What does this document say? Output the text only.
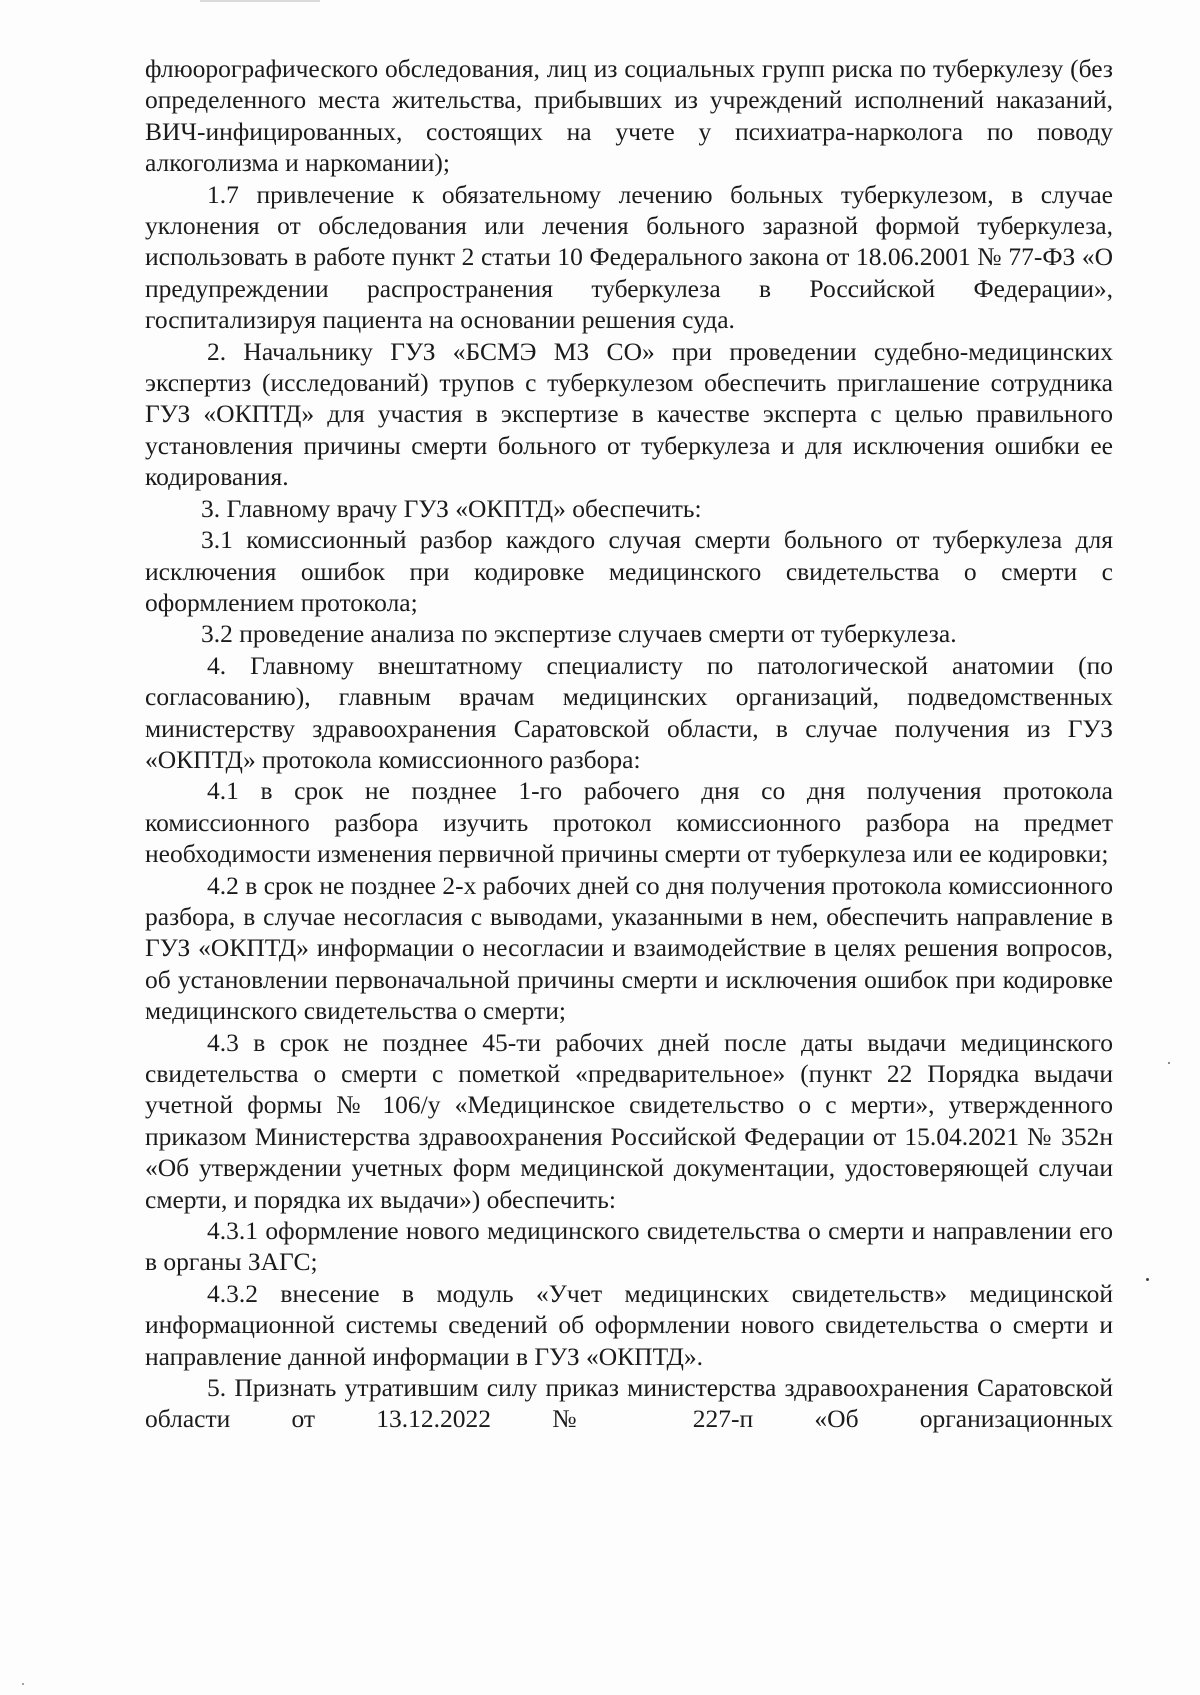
флюорографического обследования, лиц из социальных групп риска по туберкулезу (без определенного места жительства, прибывших из учреждений исполнений наказаний, ВИЧ-инфицированных, состоящих на учете у психиатра-нарколога по поводу алкоголизма и наркомании);

1.7 привлечение к обязательному лечению больных туберкулезом, в случае уклонения от обследования или лечения больного заразной формой туберкулеза, использовать в работе пункт 2 статьи 10 Федерального закона от 18.06.2001 № 77-ФЗ «О предупреждении распространения туберкулеза в Российской Федерации», госпитализируя пациента на основании решения суда.

2. Начальнику ГУЗ «БСМЭ МЗ СО» при проведении судебно-медицинских экспертиз (исследований) трупов с туберкулезом обеспечить приглашение сотрудника ГУЗ «ОКПТД» для участия в экспертизе в качестве эксперта с целью правильного установления причины смерти больного от туберкулеза и для исключения ошибки ее кодирования.

3. Главному врачу ГУЗ «ОКПТД» обеспечить:

3.1 комиссионный разбор каждого случая смерти больного от туберкулеза для исключения ошибок при кодировке медицинского свидетельства о смерти с оформлением протокола;

3.2 проведение анализа по экспертизе случаев смерти от туберкулеза.

4. Главному внештатному специалисту по патологической анатомии (по согласованию), главным врачам медицинских организаций, подведомственных министерству здравоохранения Саратовской области, в случае получения из ГУЗ «ОКПТД» протокола комиссионного разбора:

4.1 в срок не позднее 1-го рабочего дня со дня получения протокола комиссионного разбора изучить протокол комиссионного разбора на предмет необходимости изменения первичной причины смерти от туберкулеза или ее кодировки;

4.2 в срок не позднее 2-х рабочих дней со дня получения протокола комиссионного разбора, в случае несогласия с выводами, указанными в нем, обеспечить направление в ГУЗ «ОКПТД» информации о несогласии и взаимодействие в целях решения вопросов, об установлении первоначальной причины смерти и исключения ошибок при кодировке медицинского свидетельства о смерти;

4.3 в срок не позднее 45-ти рабочих дней после даты выдачи медицинского свидетельства о смерти с пометкой «предварительное» (пункт 22 Порядка выдачи учетной формы № 106/у «Медицинское свидетельство о с мерти», утвержденного приказом Министерства здравоохранения Российской Федерации от 15.04.2021 № 352н «Об утверждении учетных форм медицинской документации, удостоверяющей случаи смерти, и порядка их выдачи») обеспечить:

4.3.1 оформление нового медицинского свидетельства о смерти и направлении его в органы ЗАГС;

4.3.2 внесение в модуль «Учет медицинских свидетельств» медицинской информационной системы сведений об оформлении нового свидетельства о смерти и направление данной информации в ГУЗ «ОКПТД».

5. Признать утратившим силу приказ министерства здравоохранения Саратовской области от 13.12.2022 № 227-п «Об организационных
